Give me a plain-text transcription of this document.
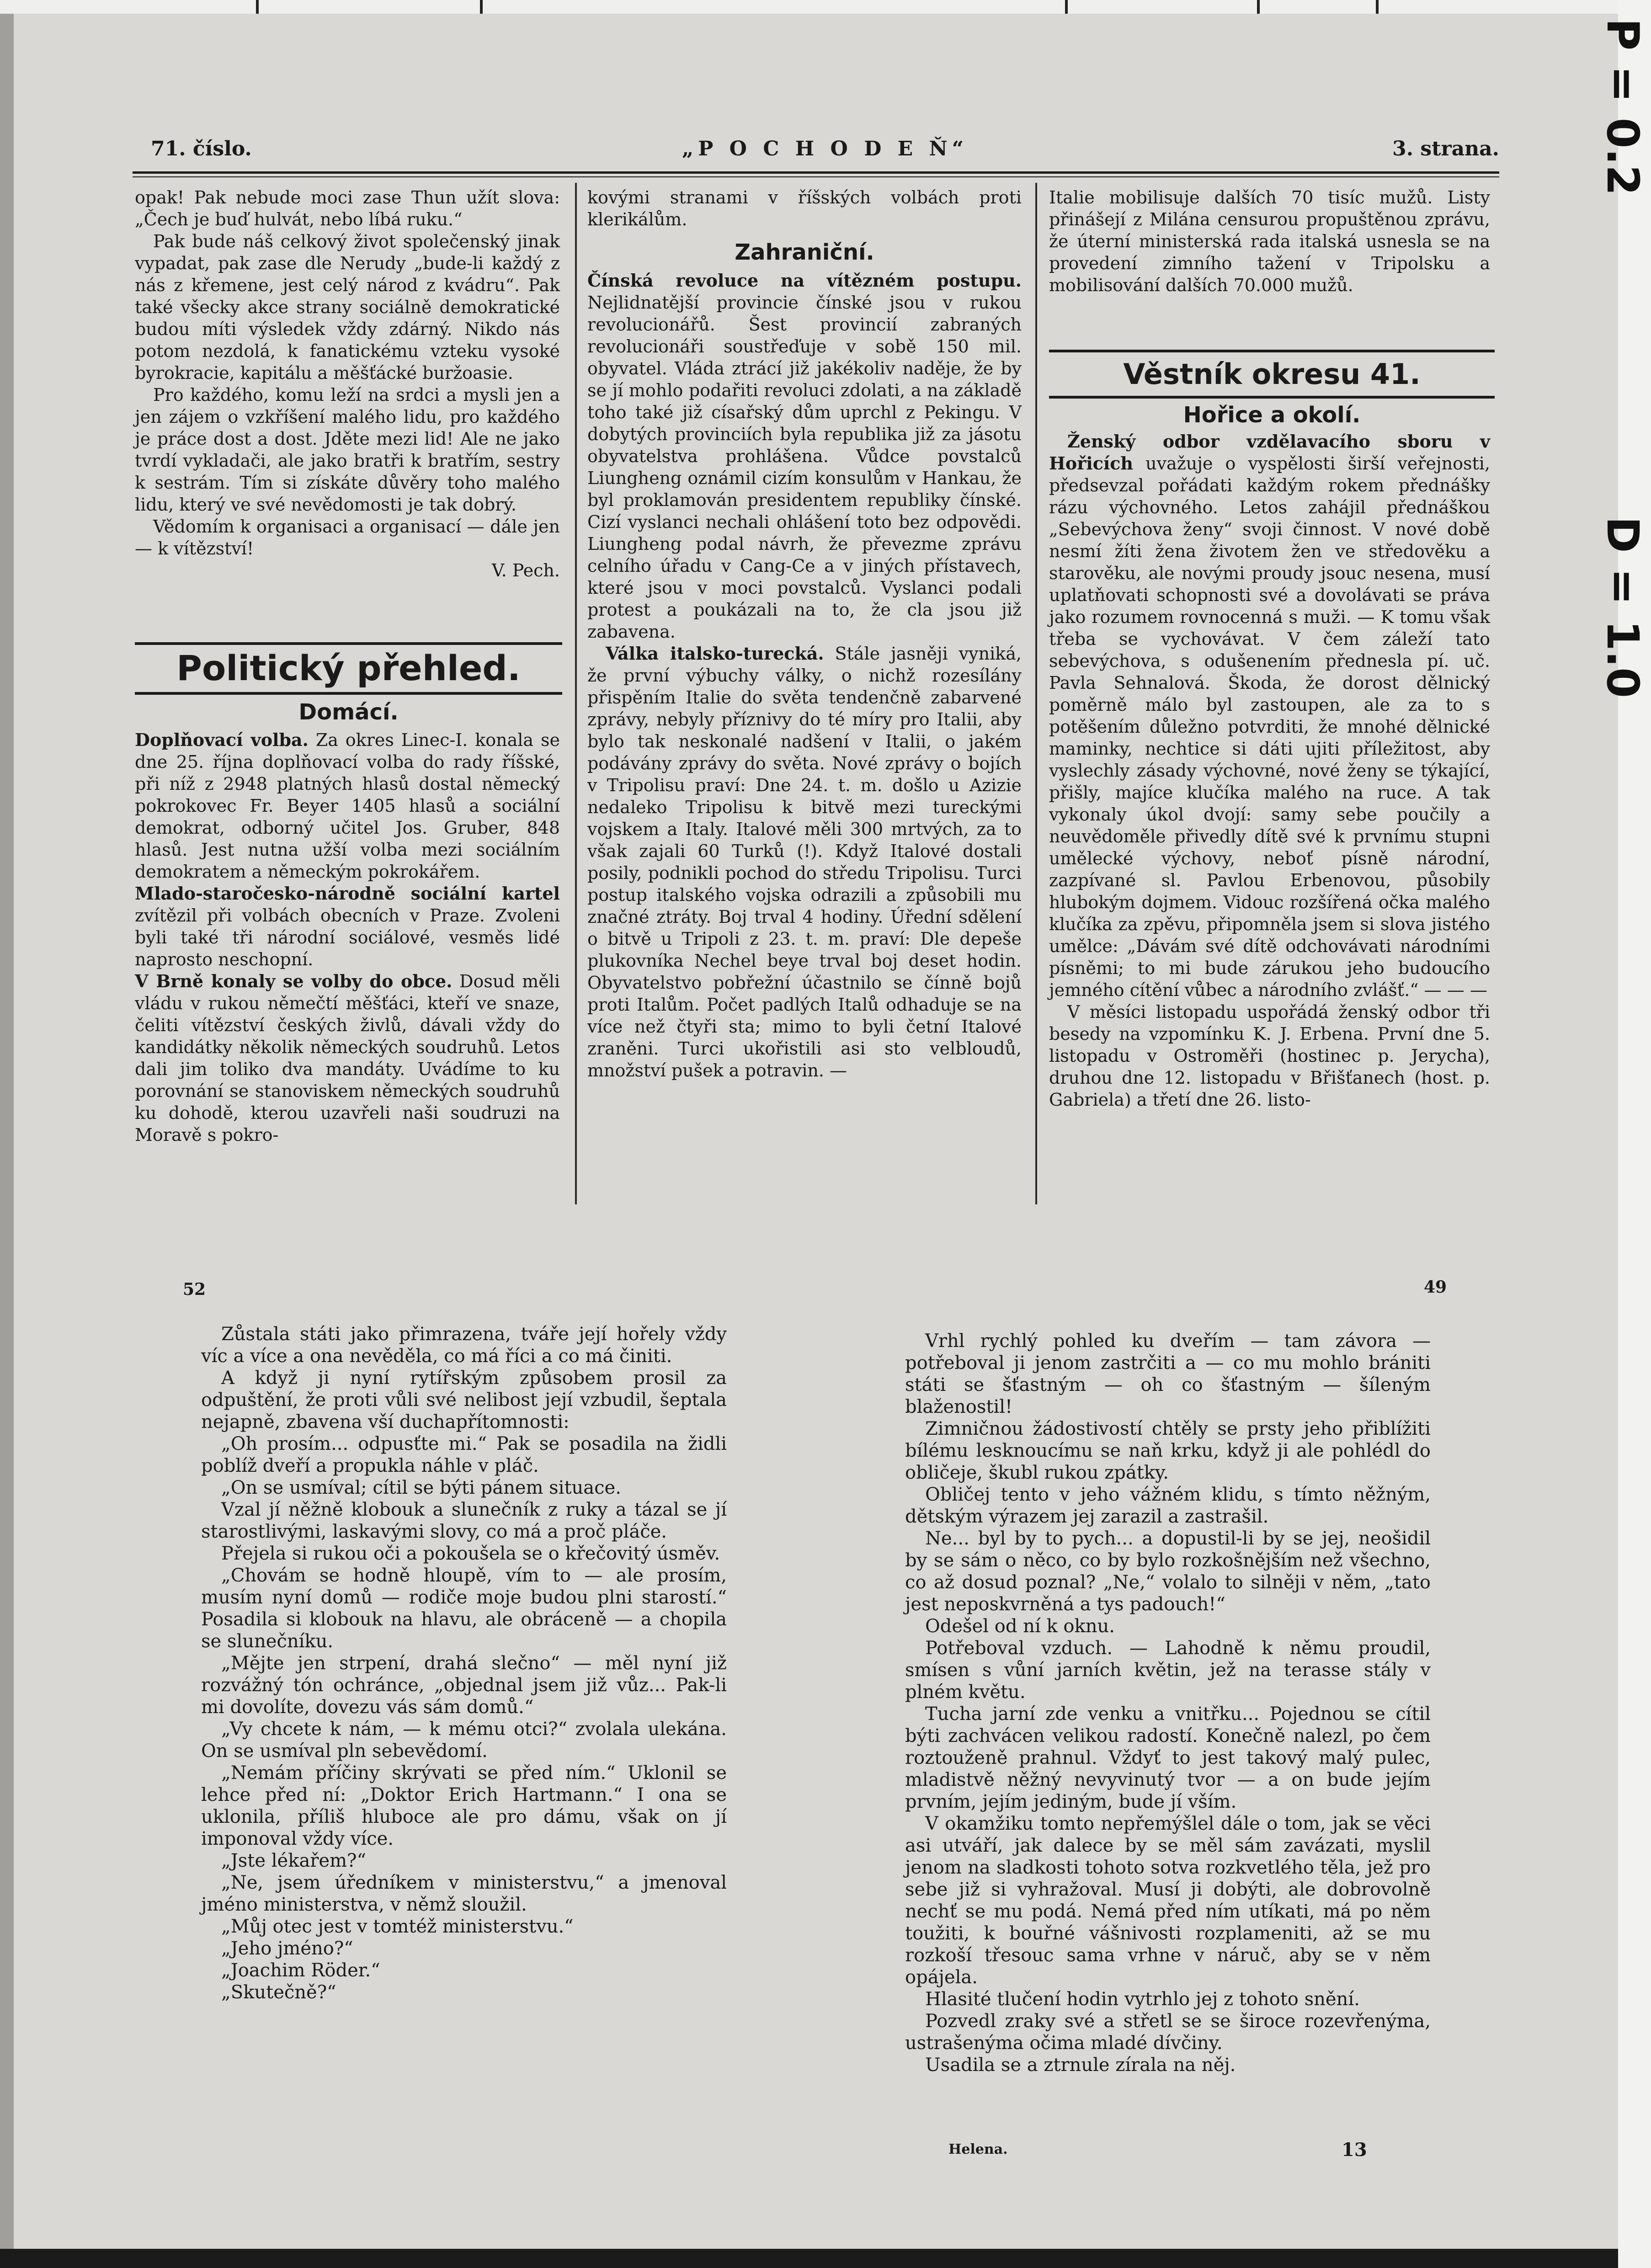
71. číslo.	„P O C H O D E Ň“	3. strana.

opak! Pak nebude moci zase Thun užít slova: „Čech je buď hulvát, nebo líbá ruku.“

Pak bude náš celkový život společenský jinak vypadat, pak zase dle Nerudy „bude-li každý z nás z křemene, jest celý národ z kvádru“. Pak také všecky akce strany sociálně demokratické budou míti výsledek vždy zdárný. Nikdo nás potom nezdolá, k fanatickému vzteku vysoké byrokracie, kapitálu a měšťácké buržoasie.

Pro každého, komu leží na srdci a mysli jen a jen zájem o vzkříšení malého lidu, pro každého je práce dost a dost. Jděte mezi lid! Ale ne jako tvrdí vykladači, ale jako bratři k bratřím, sestry k sestrám. Tím si získáte důvěry toho malého lidu, který ve své nevědomosti je tak dobrý.

Vědomím k organisaci a organisací — dále jen — k vítězství!

V. Pech.
Politický přehled.
Domácí.

Doplňovací volba. Za okres Linec-I. konala se dne 25. října doplňovací volba do rady říšské, při níž z 2948 platných hlasů dostal německý pokrokovec Fr. Beyer 1405 hlasů a sociální demokrat, odborný učitel Jos. Gruber, 848 hlasů. Jest nutna užší volba mezi sociálním demokratem a německým pokrokářem.

Mlado-staročesko-národně sociální kartel zvítězil při volbách obecních v Praze. Zvoleni byli také tři národní sociálové, vesměs lidé naprosto neschopní.

V Brně konaly se volby do obce. Dosud měli vládu v rukou němečtí měšťáci, kteří ve snaze, čeliti vítězství českých živlů, dávali vždy do kandidátky několik německých soudruhů. Letos dali jim toliko dva mandáty. Uvádíme to ku porovnání se stanoviskem německých soudruhů ku dohodě, kterou uzavřeli naši soudruzi na Moravě s pokro-

kovými stranami v říšských volbách proti klerikálům.

Zahraniční.

Čínská revoluce na vítězném postupu. Nejlidnatější provincie čínské jsou v rukou revolucionářů. Šest provincií zabraných revolucionáři soustřeďuje v sobě 150 mil. obyvatel. Vláda ztrácí již jakékoliv naděje, že by se jí mohlo podařiti revoluci zdolati, a na základě toho také již císařský dům uprchl z Pekingu. V dobytých provinciích byla republika již za jásotu obyvatelstva prohlášena. Vůdce povstalců Liungheng oznámil cizím konsulům v Hankau, že byl proklamován presidentem republiky čínské. Cizí vyslanci nechali ohlášení toto bez odpovědi. Liungheng podal návrh, že převezme zprávu celního úřadu v Cang-Ce a v jiných přístavech, které jsou v moci povstalců. Vyslanci podali protest a poukázali na to, že cla jsou již zabavena.

Válka italsko-turecká. Stále jasněji vyniká, že první výbuchy války, o nichž rozesílány přispěním Italie do světa tendenčně zabarvené zprávy, nebyly příznivy do té míry pro Italii, aby bylo tak neskonalé nadšení v Italii, o jakém podávány zprávy do světa. Nové zprávy o bojích v Tripolisu praví: Dne 24. t. m. došlo u Azizie nedaleko Tripolisu k bitvě mezi tureckými vojskem a Italy. Italové měli 300 mrtvých, za to však zajali 60 Turků (!). Když Italové dostali posily, podnikli pochod do středu Tripolisu. Turci postup italského vojska odrazili a způsobili mu značné ztráty. Boj trval 4 hodiny. Úřední sdělení o bitvě u Tripoli z 23. t. m. praví: Dle depeše plukovníka Nechel beye trval boj deset hodin. Obyvatelstvo pobřežní účastnilo se čínně bojů proti Italům. Počet padlých Italů odhaduje se na více než čtyři sta; mimo to byli četní Italové zraněni. Turci ukořistili asi sto velbloudů, množství pušek a potravin. —

Italie mobilisuje dalších 70 tisíc mužů. Listy přinášejí z Milána censurou propuštěnou zprávu, že úterní ministerská rada italská usnesla se na provedení zimního tažení v Tripolsku a mobilisování dalších 70.000 mužů.

Věstník okresu 41.
Hořice a okolí.

Ženský odbor vzdělavacího sboru v Hořicích uvažuje o vyspělosti širší veřejnosti, předsevzal pořádati každým rokem přednášky rázu výchovného. Letos zahájil přednáškou „Sebevýchova ženy“ svoji činnost. V nové době nesmí žíti žena životem žen ve středověku a starověku, ale novými proudy jsouc nesena, musí uplatňovati schopnosti své a dovolávati se práva jako rozumem rovnocenná s muži. — K tomu však třeba se vychovávat. V čem záleží tato sebevýchova, s odušenením přednesla pí. uč. Pavla Sehnalová. Škoda, že dorost dělnický poměrně málo byl zastoupen, ale za to s potěšením důležno potvrditi, že mnohé dělnické maminky, nechtice si dáti ujiti příležitost, aby vyslechly zásady výchovné, nové ženy se týkající, přišly, majíce klučíka malého na ruce. A tak vykonaly úkol dvojí: samy sebe poučily a neuvědoměle přivedly dítě své k prvnímu stupni umělecké výchovy, neboť písně národní, zazpívané sl. Pavlou Erbenovou, působily hlubokým dojmem. Vidouc rozšířená očka malého klučíka za zpěvu, připomněla jsem si slova jistého umělce: „Dávám své dítě odchovávati národními písněmi; to mi bude zárukou jeho budoucího jemného cítění vůbec a národního zvlášť.“ — — —

V měsíci listopadu uspořádá ženský odbor tři besedy na vzpomínku K. J. Erbena. První dne 5. listopadu v Ostroměři (hostinec p. Jerycha), druhou dne 12. listopadu v Břišťanech (host. p. Gabriela) a třetí dne 26. listo-

52	49

Zůstala státi jako přimrazena, tváře její hořely vždy víc a více a ona nevěděla, co má říci a co má činiti.

A když ji nyní rytířským způsobem prosil za odpuštění, že proti vůli své nelibost její vzbudil, šeptala nejapně, zbavena vší duchapřítomnosti:

„Oh prosím... odpusťte mi.“ Pak se posadila na židli poblíž dveří a propukla náhle v pláč.

„On se usmíval; cítil se býti pánem situace.

Vzal jí něžně klobouk a slunečník z ruky a tázal se jí starostlivými, laskavými slovy, co má a proč pláče.

Přejela si rukou oči a pokoušela se o křečovitý úsměv.

„Chovám se hodně hloupě, vím to — ale prosím, musím nyní domů — rodiče moje budou plni starostí.“ Posadila si klobouk na hlavu, ale obráceně — a chopila se slunečníku.

„Mějte jen strpení, drahá slečno“ — měl nyní již rozvážný tón ochránce, „objednal jsem již vůz... Pak-li mi dovolíte, dovezu vás sám domů.“

„Vy chcete k nám, — k mému otci?“ zvolala ulekána. On se usmíval pln sebevědomí.

„Nemám příčiny skrývati se před ním.“ Uklonil se lehce před ní: „Doktor Erich Hartmann.“ I ona se uklonila, příliš hluboce ale pro dámu, však on jí imponoval vždy více.

„Jste lékařem?“

„Ne, jsem úředníkem v ministerstvu,“ a jmenoval jméno ministerstva, v němž sloužil.

„Můj otec jest v tomtéž ministerstvu.“

„Jeho jméno?“

„Joachim Röder.“

„Skutečně?“

Vrhl rychlý pohled ku dveřím — tam závora — potřeboval ji jenom zastrčiti a — co mu mohlo brániti státi se šťastným — oh co šťastným — šíleným blaženostil!

Zimničnou žádostivostí chtěly se prsty jeho přiblížiti bílému lesknoucímu se naň krku, když ji ale pohlédl do obličeje, škubl rukou zpátky.

Obličej tento v jeho vážném klidu, s tímto něžným, dětským výrazem jej zarazil a zastrašil.

Ne... byl by to pych... a dopustil-li by se jej, neošidil by se sám o něco, co by bylo rozkošnějším než všechno, co až dosud poznal? „Ne,“ volalo to silněji v něm, „tato jest neposkvrněná a tys padouch!“

Odešel od ní k oknu.

Potřeboval vzduch. — Lahodně k němu proudil, smísen s vůní jarních květin, jež na terasse stály v plném květu.

Tucha jarní zde venku a vnitřku... Pojednou se cítil býti zachvácen velikou radostí. Konečně nalezl, po čem roztouženě prahnul. Vždyť to jest takový malý pulec, mladistvě něžný nevyvinutý tvor — a on bude jejím prvním, jejím jediným, bude jí vším.

V okamžiku tomto nepřemýšlel dále o tom, jak se věci asi utváří, jak dalece by se měl sám zavázati, myslil jenom na sladkosti tohoto sotva rozkvetlého těla, jež pro sebe již si vyhražoval. Musí ji dobýti, ale dobrovolně nechť se mu podá. Nemá před ním utíkati, má po něm toužiti, k bouřné vášnivosti rozplameniti, až se mu rozkoší třesouc sama vrhne v náruč, aby se v něm opájela.

Hlasité tlučení hodin vytrhlo jej z tohoto snění.

Pozvedl zraky své a střetl se se široce rozevřenýma, ustrašenýma očima mladé dívčiny.

Usadila se a ztrnule zírala na něj.

Helena.	13
P = 0.2
D = 1.0
